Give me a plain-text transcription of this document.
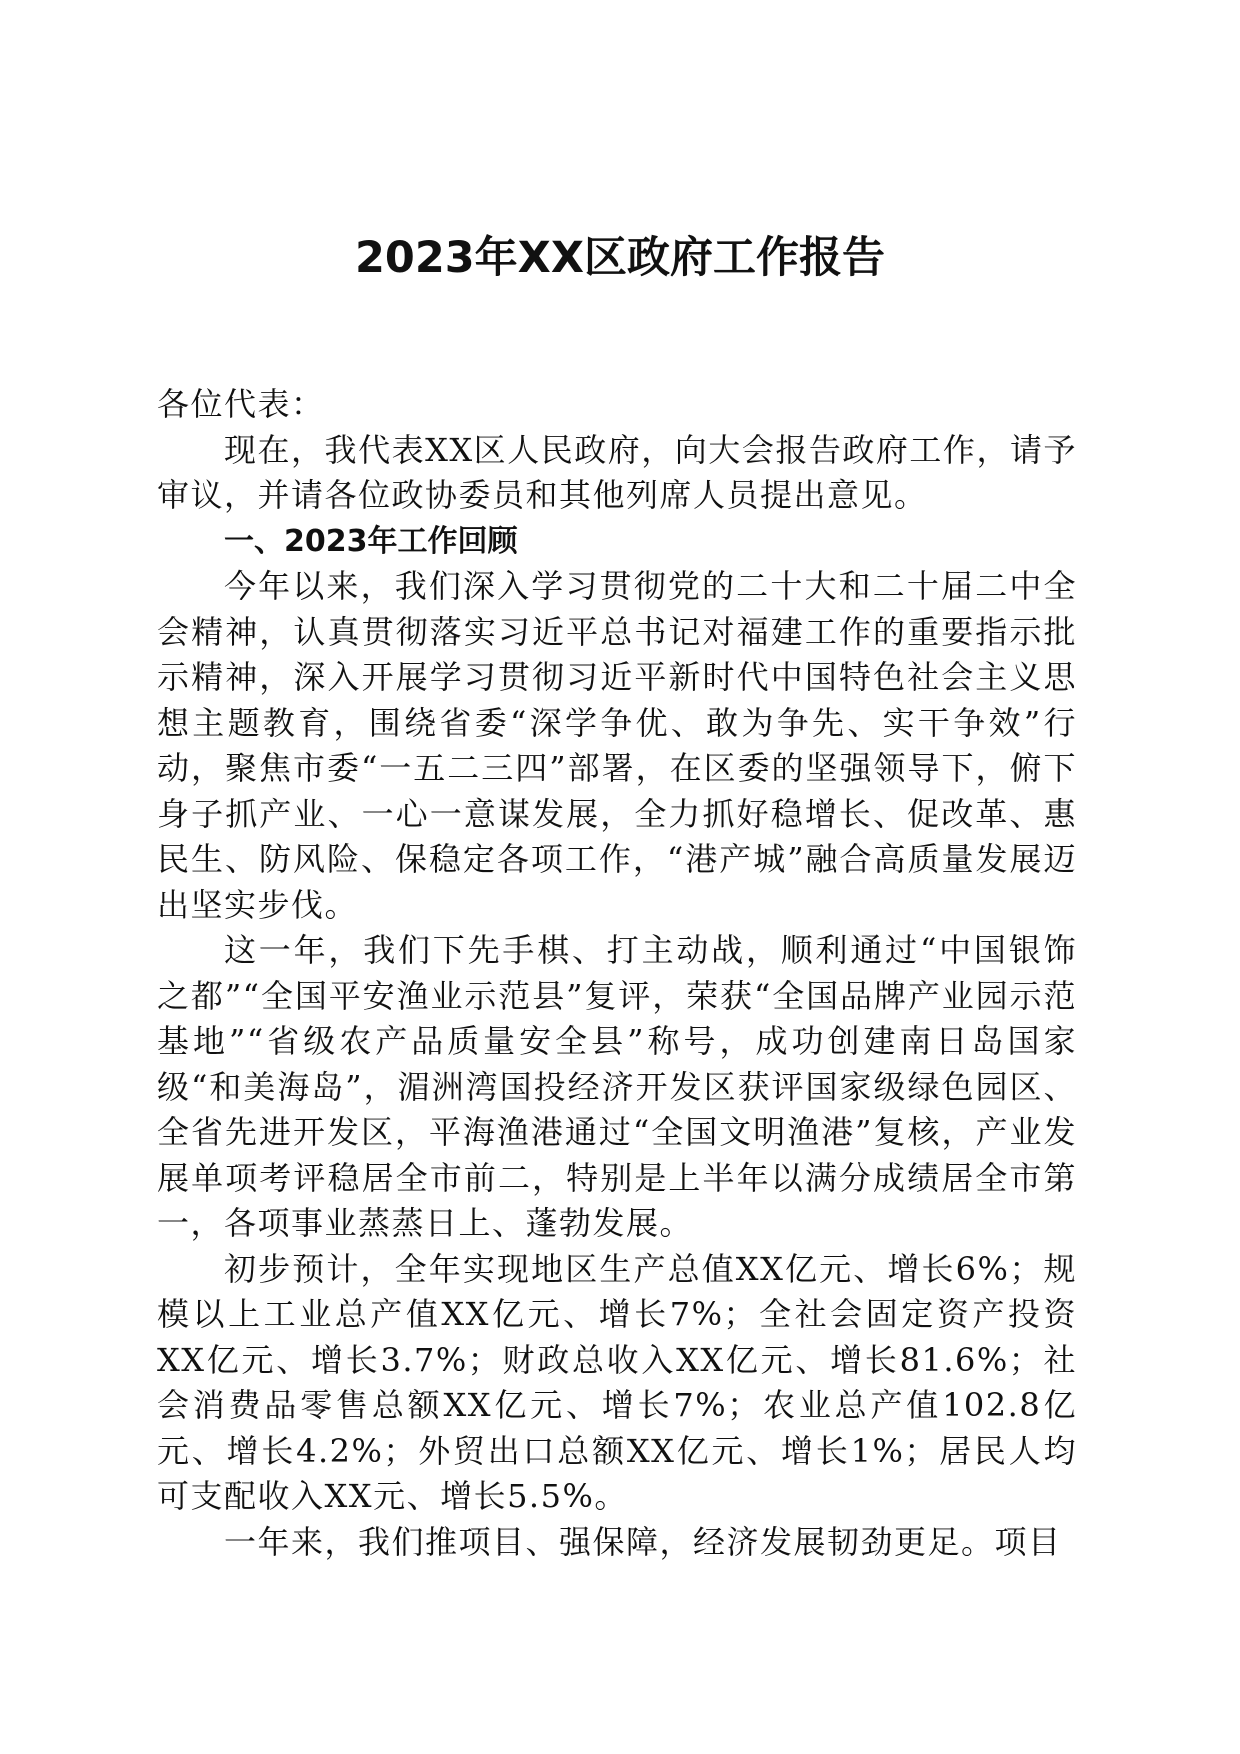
2023年XX区政府工作报告

各位代表：

现在，我代表XX区人民政府，向大会报告政府工作，请予审议，并请各位政协委员和其他列席人员提出意见。

一、2023年工作回顾

今年以来，我们深入学习贯彻党的二十大和二十届二中全会精神，认真贯彻落实习近平总书记对福建工作的重要指示批示精神，深入开展学习贯彻习近平新时代中国特色社会主义思想主题教育，围绕省委“深学争优、敢为争先、实干争效”行动，聚焦市委“一五二三四”部署，在区委的坚强领导下，俯下身子抓产业、一心一意谋发展，全力抓好稳增长、促改革、惠民生、防风险、保稳定各项工作，“港产城”融合高质量发展迈出坚实步伐。

这一年，我们下先手棋、打主动战，顺利通过“中国银饰之都”“全国平安渔业示范县”复评，荣获“全国品牌产业园示范基地”“省级农产品质量安全县”称号，成功创建南日岛国家级“和美海岛”，湄洲湾国投经济开发区获评国家级绿色园区、全省先进开发区，平海渔港通过“全国文明渔港”复核，产业发展单项考评稳居全市前二，特别是上半年以满分成绩居全市第一，各项事业蒸蒸日上、蓬勃发展。

初步预计，全年实现地区生产总值XX亿元、增长6%；规模以上工业总产值XX亿元、增长7%；全社会固定资产投资XX亿元、增长3.7%；财政总收入XX亿元、增长81.6%；社会消费品零售总额XX亿元、增长7%；农业总产值102.8亿元、增长4.2%；外贸出口总额XX亿元、增长1%；居民人均可支配收入XX元、增长5.5%。

一年来，我们推项目、强保障，经济发展韧劲更足。项目
